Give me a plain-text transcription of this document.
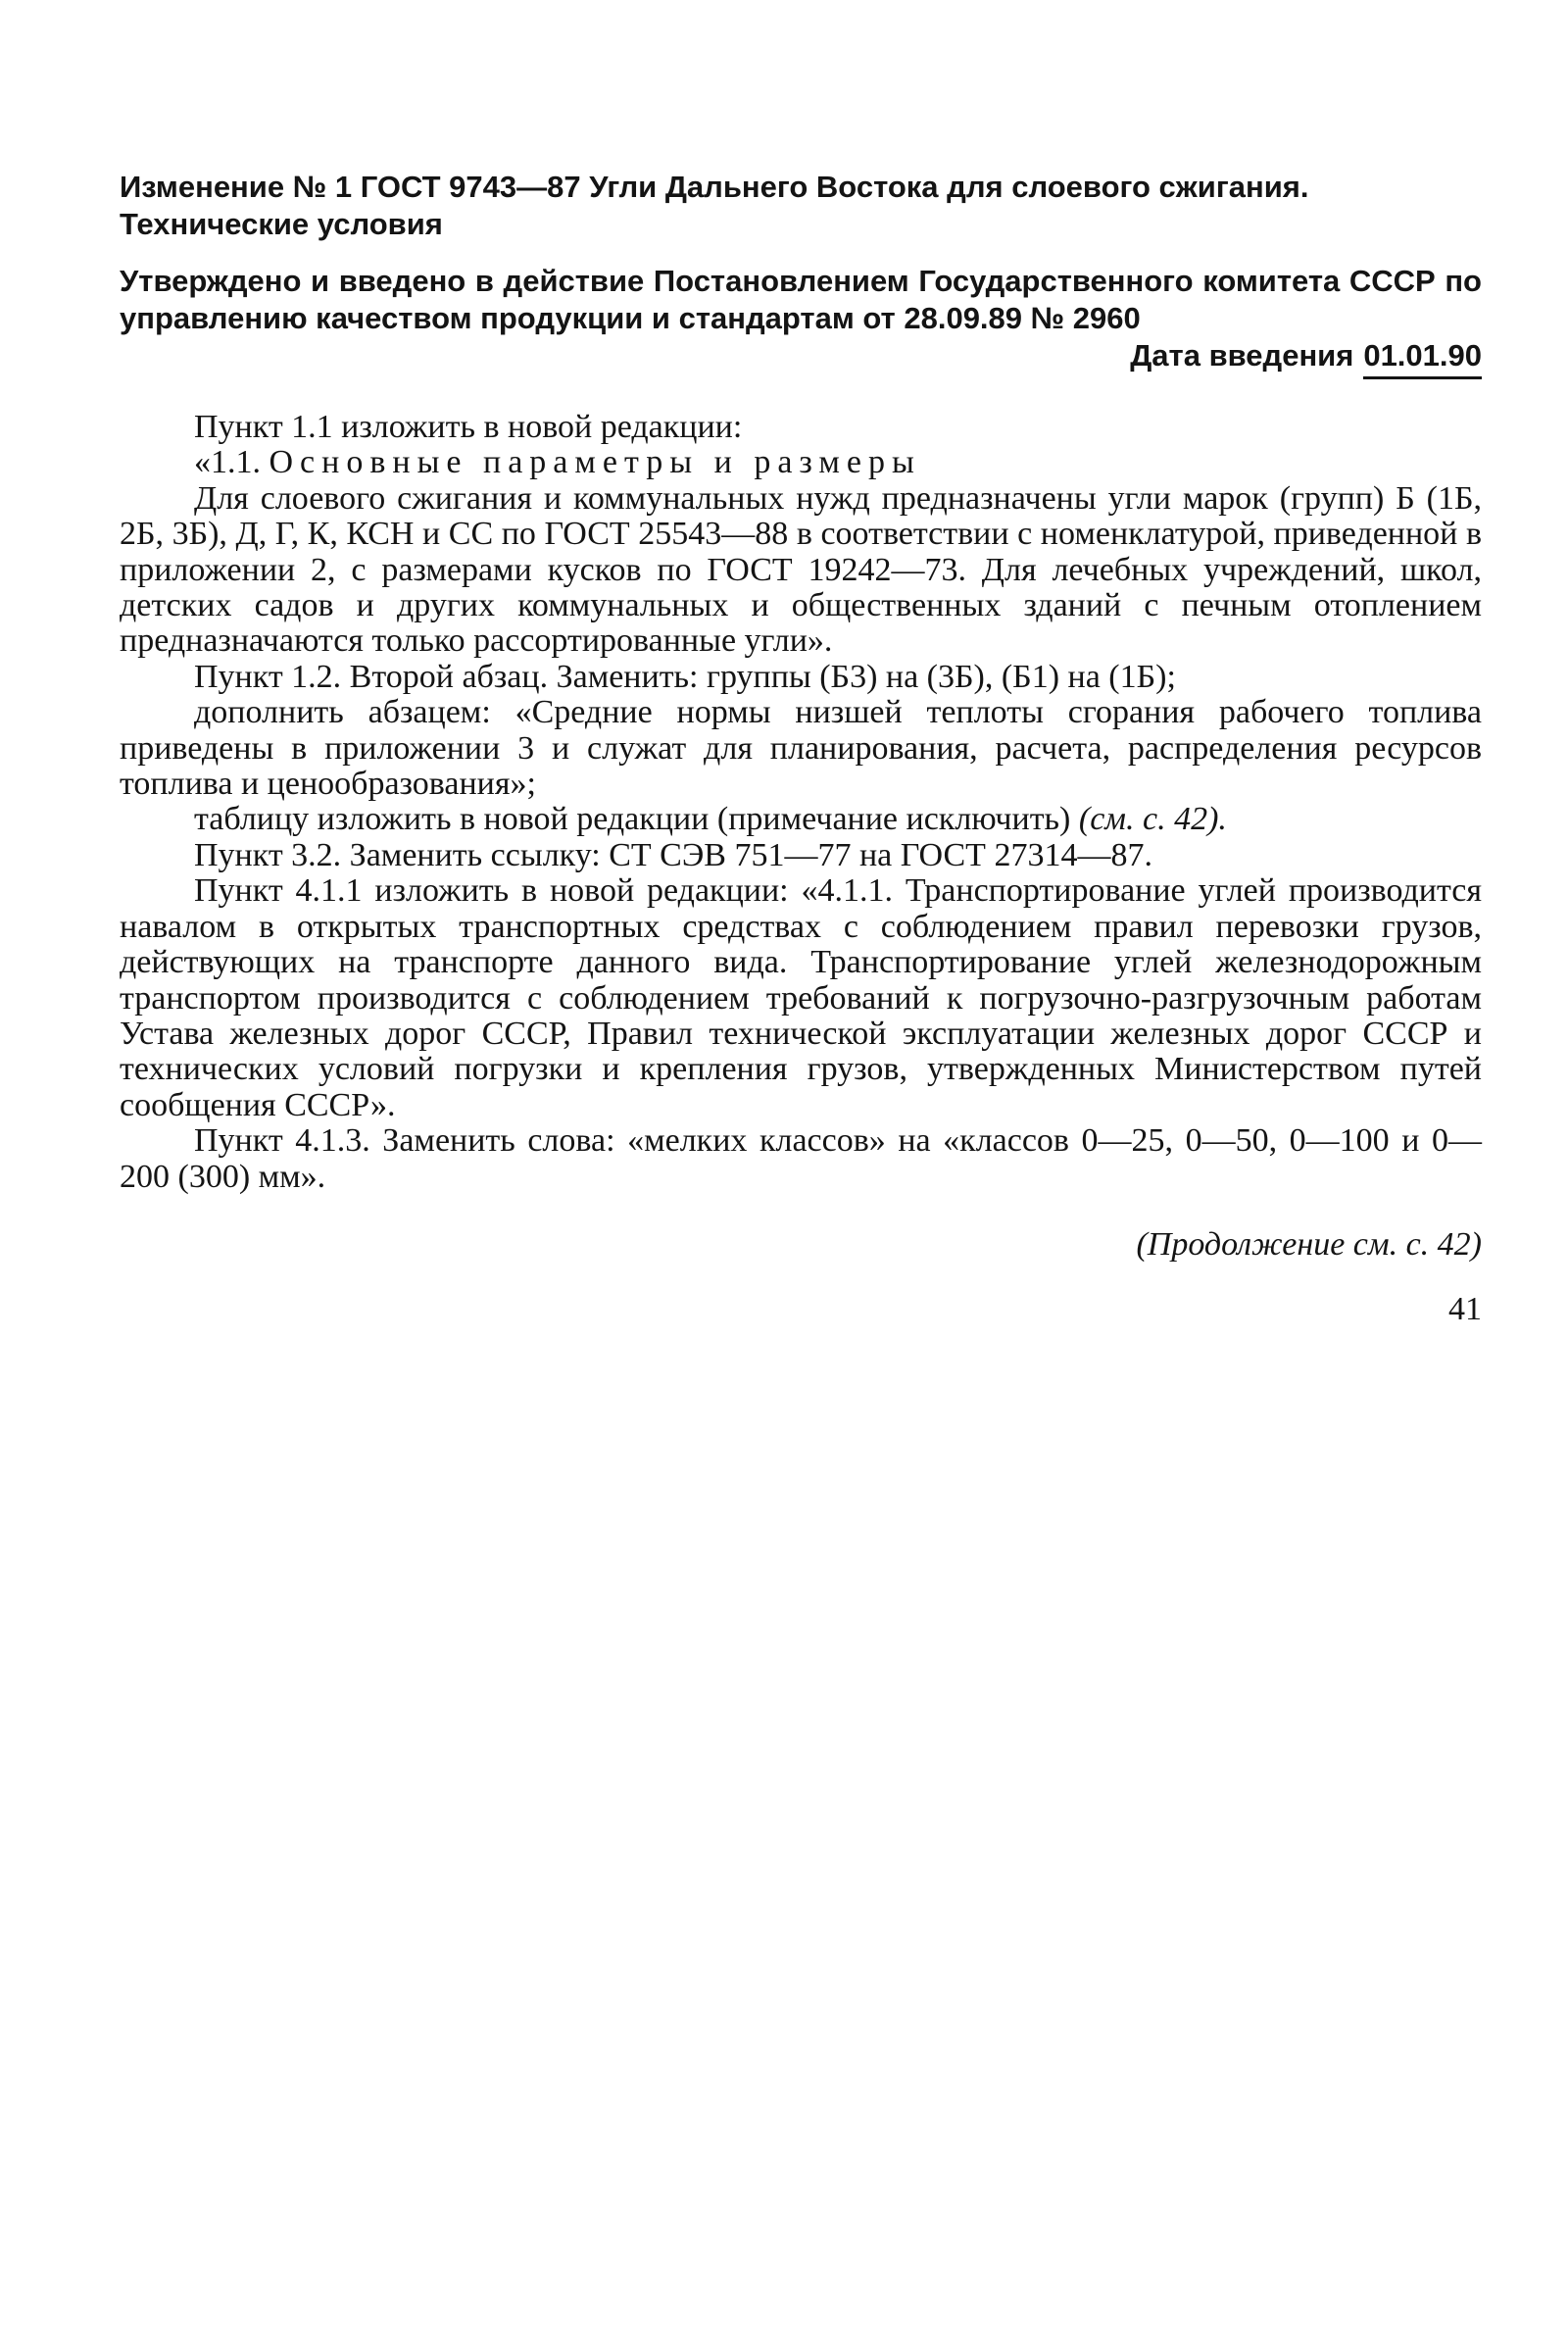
Изменение № 1 ГОСТ 9743—87 Угли Дальнего Востока для слоевого сжигания. Технические условия

Утверждено и введено в действие Постановлением Государственного комитета СССР по управлению качеством продукции и стандартам от 28.09.89 № 2960

Дата введения 01.01.90

Пункт 1.1 изложить в новой редакции:

«1.1. Основные параметры и размеры

Для слоевого сжигания и коммунальных нужд предназначены угли марок (групп) Б (1Б, 2Б, 3Б), Д, Г, К, КСН и СС по ГОСТ 25543—88 в соответствии с номенклатурой, приведенной в приложении 2, с размерами кусков по ГОСТ 19242—73. Для лечебных учреждений, школ, детских садов и других коммунальных и общественных зданий с печным отоплением предназначаются только рассортированные угли».

Пункт 1.2. Второй абзац. Заменить: группы (Б3) на (3Б), (Б1) на (1Б);

дополнить абзацем: «Средние нормы низшей теплоты сгорания рабочего топлива приведены в приложении 3 и служат для планирования, расчета, распределения ресурсов топлива и ценообразования»;

таблицу изложить в новой редакции (примечание исключить) (см. с. 42).

Пункт 3.2. Заменить ссылку: СТ СЭВ 751—77 на ГОСТ 27314—87.

Пункт 4.1.1 изложить в новой редакции: «4.1.1. Транспортирование углей производится навалом в открытых транспортных средствах с соблюдением правил перевозки грузов, действующих на транспорте данного вида. Транспортирование углей железнодорожным транспортом производится с соблюдением требований к погрузочно-разгрузочным работам Устава железных дорог СССР, Правил технической эксплуатации железных дорог СССР и технических условий погрузки и крепления грузов, утвержденных Министерством путей сообщения СССР».

Пункт 4.1.3. Заменить слова: «мелких классов» на «классов 0—25, 0—50, 0—100 и 0—200 (300) мм».

(Продолжение см. с. 42)
41
